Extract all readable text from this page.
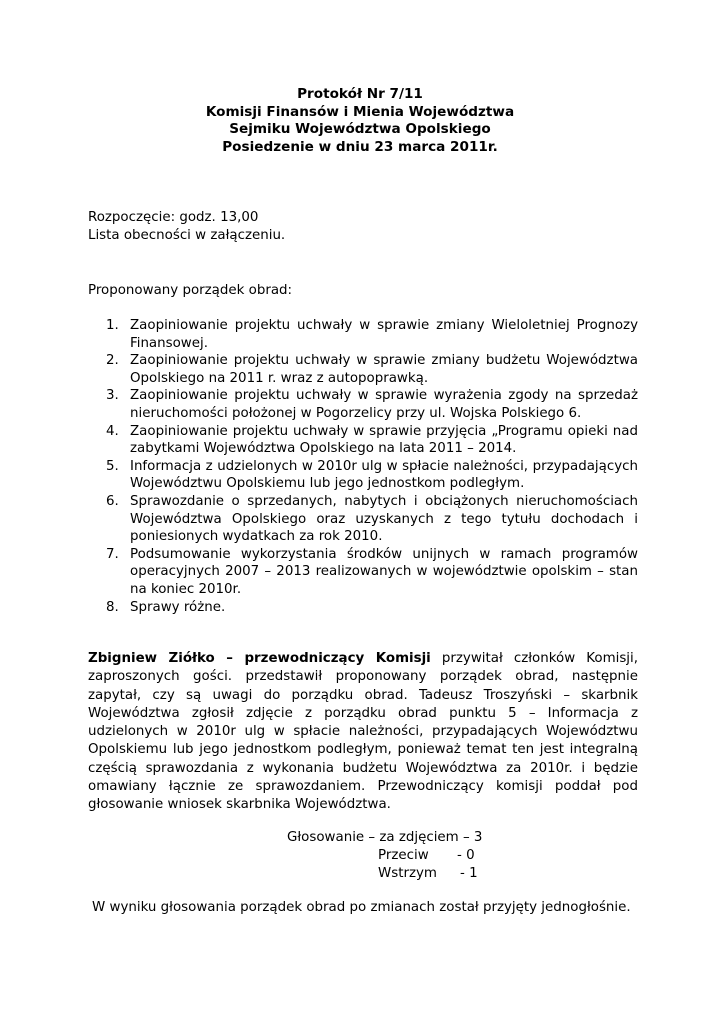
Protokół Nr 7/11
Komisji Finansów i Mienia Województwa
Sejmiku Województwa Opolskiego
Posiedzenie w dniu 23 marca 2011r.
Rozpoczęcie: godz. 13,00
Lista obecności w załączeniu.
Proponowany porządek obrad:
1. Zaopiniowanie projektu uchwały w sprawie zmiany Wieloletniej Prognozy Finansowej.
2. Zaopiniowanie projektu uchwały w sprawie zmiany budżetu Województwa Opolskiego na 2011 r. wraz z autopoprawką.
3. Zaopiniowanie projektu uchwały w sprawie wyrażenia zgody na sprzedaż nieruchomości położonej w Pogorzelicy przy ul. Wojska Polskiego 6.
4. Zaopiniowanie projektu uchwały w sprawie przyjęcia „Programu opieki nad zabytkami Województwa Opolskiego na lata 2011 – 2014.
5. Informacja z udzielonych w 2010r ulg w spłacie należności, przypadających Województwu Opolskiemu lub jego jednostkom podległym.
6. Sprawozdanie o sprzedanych, nabytych i obciążonych nieruchomościach Województwa Opolskiego oraz uzyskanych z tego tytułu dochodach i poniesionych wydatkach za rok 2010.
7. Podsumowanie wykorzystania środków unijnych w ramach programów operacyjnych 2007 – 2013 realizowanych w województwie opolskim – stan na koniec 2010r.
8. Sprawy różne.
Zbigniew Ziółko – przewodniczący Komisji przywitał członków Komisji, zaproszonych gości. przedstawił proponowany porządek obrad, następnie zapytał, czy są uwagi do porządku obrad. Tadeusz Troszyński – skarbnik Województwa zgłosił zdjęcie z porządku obrad punktu 5 – Informacja z udzielonych w 2010r ulg w spłacie należności, przypadających Województwu Opolskiemu lub jego jednostkom podległym, ponieważ temat ten jest integralną częścią sprawozdania z wykonania budżetu Województwa za 2010r. i będzie omawiany łącznie ze sprawozdaniem. Przewodniczący komisji poddał pod głosowanie wniosek skarbnika Województwa.
Głosowanie – za zdjęciem – 3
Przeciw - 0
Wstrzym - 1
W wyniku głosowania porządek obrad po zmianach został przyjęty jednogłośnie.
